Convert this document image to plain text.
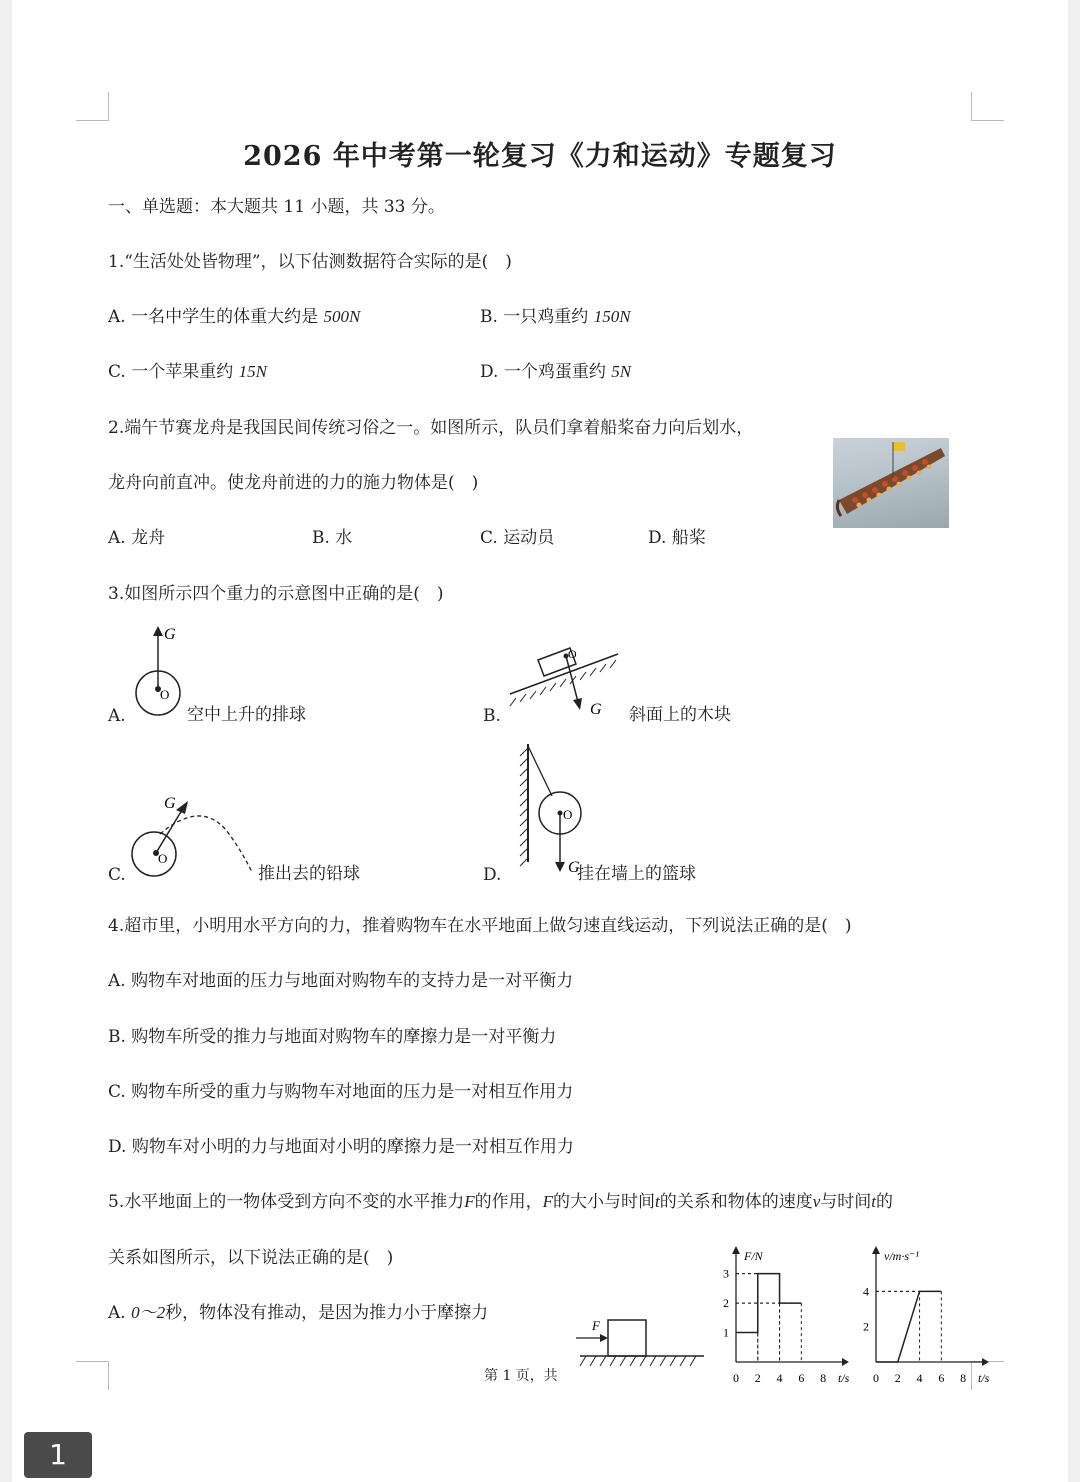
2026 年中考第一轮复习《力和运动》专题复习
一、单选题：本大题共 11 小题，共 33 分。
1.“生活处处皆物理”，以下估测数据符合实际的是(　)
A. 一名中学生的体重大约是 500N	B. 一只鸡重约 150N
C. 一个苹果重约 15N	D. 一个鸡蛋重约 5N
2.端午节赛龙舟是我国民间传统习俗之一。如图所示，队员们拿着船桨奋力向后划水，
龙舟向前直冲。使龙舟前进的力的施力物体是(　)
A. 龙舟	B. 水	C. 运动员	D. 船桨
3.如图所示四个重力的示意图中正确的是(　)
A.
O
G
空中上升的排球	B.
O
G 斜面上的木块
C.
O
G
推出去的铅球	D.
O
G
挂在墙上的篮球
4.超市里，小明用水平方向的力，推着购物车在水平地面上做匀速直线运动，下列说法正确的是(　)
A. 购物车对地面的压力与地面对购物车的支持力是一对平衡力
B. 购物车所受的推力与地面对购物车的摩擦力是一对平衡力
C. 购物车所受的重力与购物车对地面的压力是一对相互作用力
D. 购物车对小明的力与地面对小明的摩擦力是一对相互作用力
5.水平地面上的一物体受到方向不变的水平推力F的作用，F的大小与时间t的关系和物体的速度v与时间t的
关系如图所示，以下说法正确的是(　)
A. 0～2秒，物体没有推动，是因为推力小于摩擦力
F
F/N
t/s
0 2 4 6 8
1
2
3
v/m·s⁻¹
t/s
0 2 4 6 8
2
4
第 1 页，共
1
